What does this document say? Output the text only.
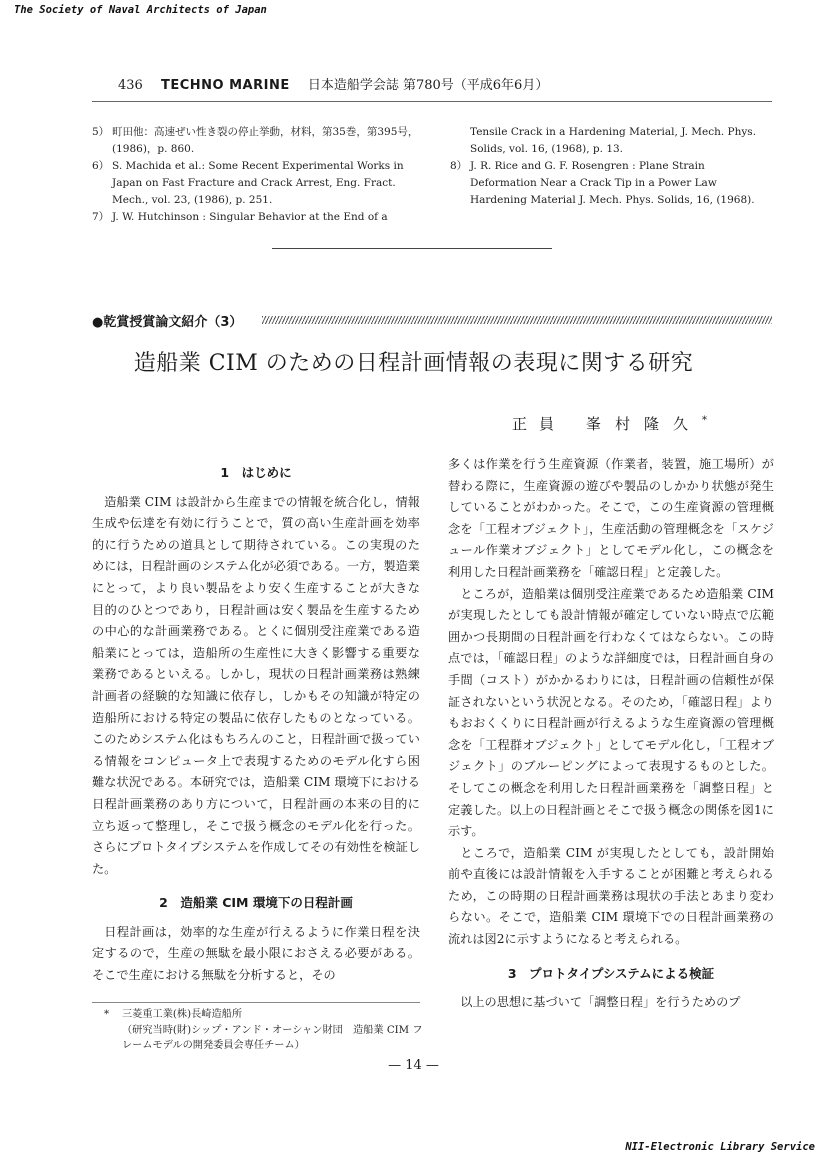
The Society of Naval Architects of Japan
436 TECHNO MARINE 日本造船学会誌 第780号（平成6年6月）
5） 町田他：高速ぜい性き裂の停止挙動，材料，第35巻，第395号，(1986)，p. 860.
6） S. Machida et al.: Some Recent Experimental Works in Japan on Fast Fracture and Crack Arrest, Eng. Fract. Mech., vol. 23, (1986), p. 251.
7） J. W. Hutchinson : Singular Behavior at the End of a
Tensile Crack in a Hardening Material, J. Mech. Phys. Solids, vol. 16, (1968), p. 13.
8） J. R. Rice and G. F. Rosengren : Plane Strain Deformation Near a Crack Tip in a Power Law Hardening Material J. Mech. Phys. Solids, 16, (1968).
●乾賞授賞論文紹介（3）
造船業 CIM のための日程計画情報の表現に関する研究
正員 峯村隆久*
1　はじめに

造船業 CIM は設計から生産までの情報を統合化し，情報生成や伝達を有効に行うことで，質の高い生産計画を効率的に行うための道具として期待されている。この実現のためには，日程計画のシステム化が必須である。一方，製造業にとって，より良い製品をより安く生産することが大きな目的のひとつであり，日程計画は安く製品を生産するための中心的な計画業務である。とくに個別受注産業である造船業にとっては，造船所の生産性に大きく影響する重要な業務であるといえる。しかし，現状の日程計画業務は熟練計画者の経験的な知識に依存し，しかもその知識が特定の造船所における特定の製品に依存したものとなっている。このためシステム化はもちろんのこと，日程計画で扱っている情報をコンピュータ上で表現するためのモデル化すら困難な状況である。本研究では，造船業 CIM 環境下における日程計画業務のあり方について，日程計画の本来の目的に立ち返って整理し，そこで扱う概念のモデル化を行った。さらにプロトタイプシステムを作成してその有効性を検証した。

2　造船業 CIM 環境下の日程計画

日程計画は，効率的な生産が行えるように作業日程を決定するので，生産の無駄を最小限におさえる必要がある。そこで生産における無駄を分析すると，その

多くは作業を行う生産資源（作業者，装置，施工場所）が替わる際に，生産資源の遊びや製品のしかかり状態が発生していることがわかった。そこで，この生産資源の管理概念を「工程オブジェクト」，生産活動の管理概念を「スケジュール作業オブジェクト」としてモデル化し，この概念を利用した日程計画業務を「確認日程」と定義した。

ところが，造船業は個別受注産業であるため造船業 CIM が実現したとしても設計情報が確定していない時点で広範囲かつ長期間の日程計画を行わなくてはならない。この時点では，「確認日程」のような詳細度では，日程計画自身の手間（コスト）がかかるわりには，日程計画の信頼性が保証されないという状況となる。そのため，「確認日程」よりもおおくくりに日程計画が行えるような生産資源の管理概念を「工程群オブジェクト」としてモデル化し，「工程オブジェクト」のブルーピングによって表現するものとした。そしてこの概念を利用した日程計画業務を「調整日程」と定義した。以上の日程計画とそこで扱う概念の関係を図1に示す。

ところで，造船業 CIM が実現したとしても，設計開始前や直後には設計情報を入手することが困難と考えられるため，この時期の日程計画業務は現状の手法とあまり変わらない。そこで，造船業 CIM 環境下での日程計画業務の流れは図2に示すようになると考えられる。

3　プロトタイプシステムによる検証

以上の思想に基づいて「調整日程」を行うためのプ

* 三菱重工業(株)長崎造船所
（研究当時(財)シップ・アンド・オーシャン財団　造船業 CIM フレームモデルの開発委員会専任チーム）
— 14 —
NII-Electronic Library Service
